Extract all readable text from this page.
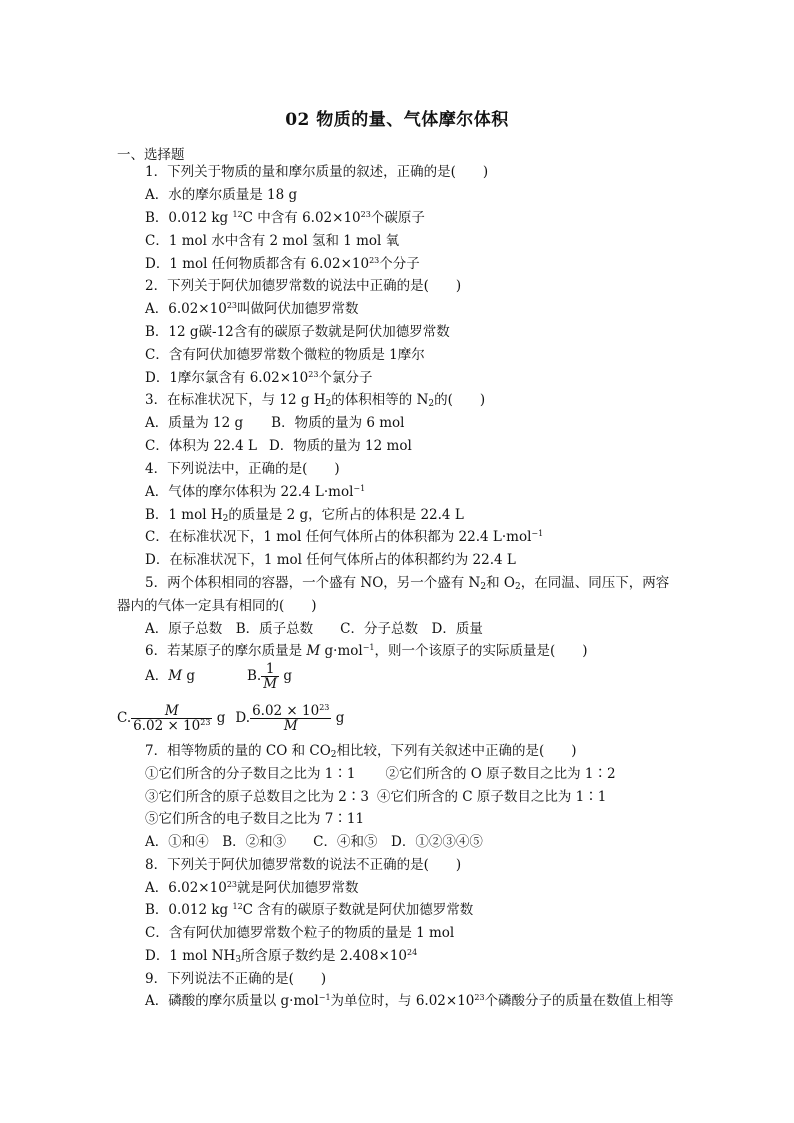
02 物质的量、气体摩尔体积
一、选择题
1．下列关于物质的量和摩尔质量的叙述，正确的是(　　)
A．水的摩尔质量是 18 g
B．0.012 kg $^{12}$C 中含有 $6.02\times 10^{23}$个碳原子
C．1 mol 水中含有 2 mol 氢和 1 mol 氧
D．1 mol 任何物质都含有 $6.02\times 10^{23}$个分子
2．下列关于阿伏加德罗常数的说法中正确的是(　　)
A．$6.02\times 10^{23}$叫做阿伏加德罗常数
B．12 g碳-12含有的碳原子数就是阿伏加德罗常数
C．含有阿伏加德罗常数个微粒的物质是 1摩尔
D．1摩尔氯含有 $6.02\times 10^{23}$个氯分子
3．在标准状况下，与 12 g $H_2$的体积相等的 $N_2$的(　　)
A．质量为 12 g B．物质的量为 6 mol
C．体积为 22.4 L D．物质的量为 12 mol
4．下列说法中，正确的是(　　)
A．气体的摩尔体积为 22.4 L·mol$^{-1}$
B．1 mol $H_2$的质量是 2 g，它所占的体积是 22.4 L
C．在标准状况下，1 mol 任何气体所占的体积都为 22.4 L·mol$^{-1}$
D．在标准状况下，1 mol 任何气体所占的体积都约为 22.4 L
5．两个体积相同的容器，一个盛有 NO，另一个盛有 $N_2$和 $O_2$，在同温、同压下，两容
器内的气体一定具有相同的(　　)
A．原子总数　B．质子总数　　C．分子总数　D．质量
6．若某原子的摩尔质量是 M g·mol$^{-1}$，则一个该原子的实际质量是(　　)
A．M g	B. $\frac{1}{M}$ g
C. $\frac{M}{6.02 \times 10^{23}}$ g D. $\frac{6.02 \times 10^{23}}{M}$ g
7．相等物质的量的 CO 和 $CO_2$相比较，下列有关叙述中正确的是(　　)
①它们所含的分子数目之比为 1∶1 ②它们所含的 O 原子数目之比为 1∶2
③它们所含的原子总数目之比为 2∶3 ④它们所含的 C 原子数目之比为 1∶1
⑤它们所含的电子数目之比为 7∶11
A．①和④　B．②和③　　C．④和⑤　D．①②③④⑤
8．下列关于阿伏加德罗常数的说法不正确的是(　　)
A．$6.02\times 10^{23}$就是阿伏加德罗常数
B．0.012 kg $^{12}$C 含有的碳原子数就是阿伏加德罗常数
C．含有阿伏加德罗常数个粒子的物质的量是 1 mol
D．1 mol $NH_3$所含原子数约是 $2.408\times 10^{24}$
9．下列说法不正确的是(　　)
A．磷酸的摩尔质量以 g·mol$^{-1}$为单位时，与 $6.02\times 10^{23}$个磷酸分子的质量在数值上相等
